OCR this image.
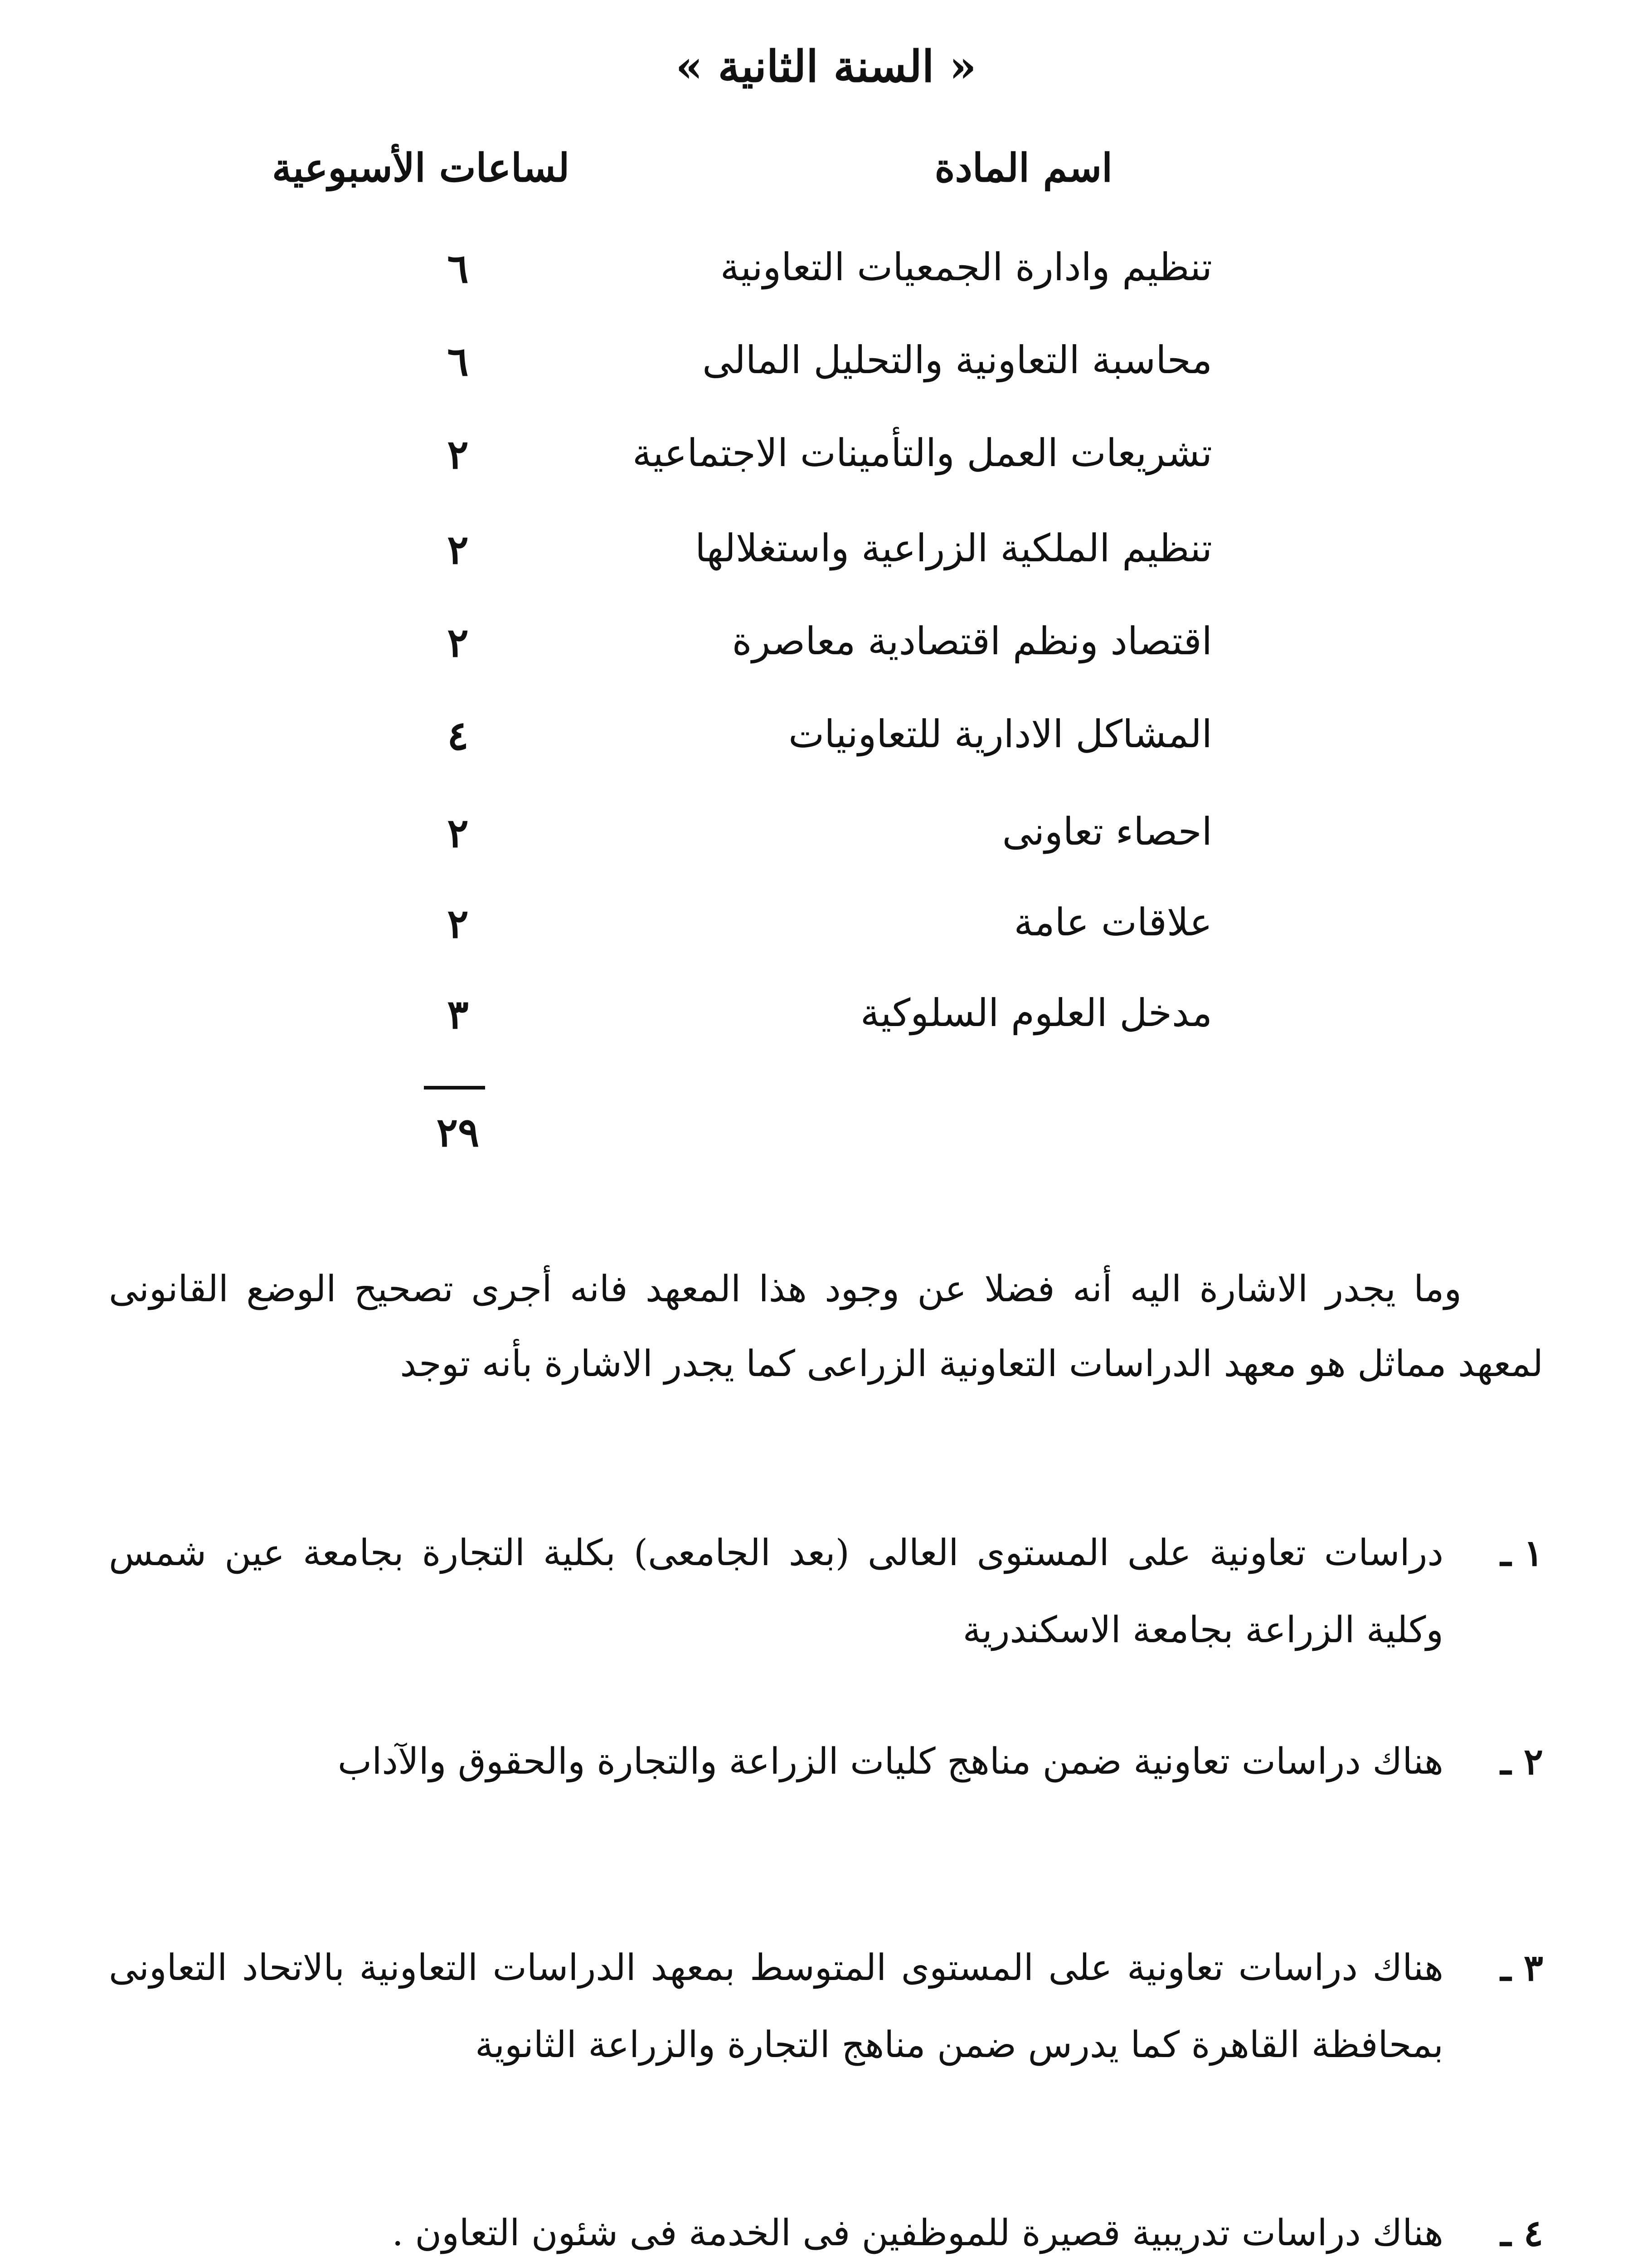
« السنة الثانية »
اسم المادة
لساعات الأسبوعية
تنظيم وادارة الجمعيات التعاونية
٦
محاسبة التعاونية والتحليل المالى
٦
تشريعات العمل والتأمينات الاجتماعية
٢
تنظيم الملكية الزراعية واستغلالها
٢
اقتصاد ونظم اقتصادية معاصرة
٢
المشاكل الادارية للتعاونيات
٤
احصاء تعاونى
٢
علاقات عامة
٢
مدخل العلوم السلوكية
٣
٢٩
وما يجدر الاشارة اليه أنه فضلا عن وجود هذا المعهد فانه أجرى تصحيح الوضع القانونى لمعهد مماثل هو معهد الدراسات التعاونية الزراعى كما يجدر الاشارة بأنه توجد
١ ـ
دراسات تعاونية على المستوى العالى (بعد الجامعى) بكلية التجارة بجامعة عين شمس وكلية الزراعة بجامعة الاسكندرية
٢ ـ
هناك دراسات تعاونية ضمن مناهج كليات الزراعة والتجارة والحقوق والآداب
٣ ـ
هناك دراسات تعاونية على المستوى المتوسط بمعهد الدراسات التعاونية بالاتحاد التعاونى بمحافظة القاهرة كما يدرس ضمن مناهج التجارة والزراعة الثانوية
٤ ـ
هناك دراسات تدريبية قصيرة للموظفين فى الخدمة فى شئون التعاون .
